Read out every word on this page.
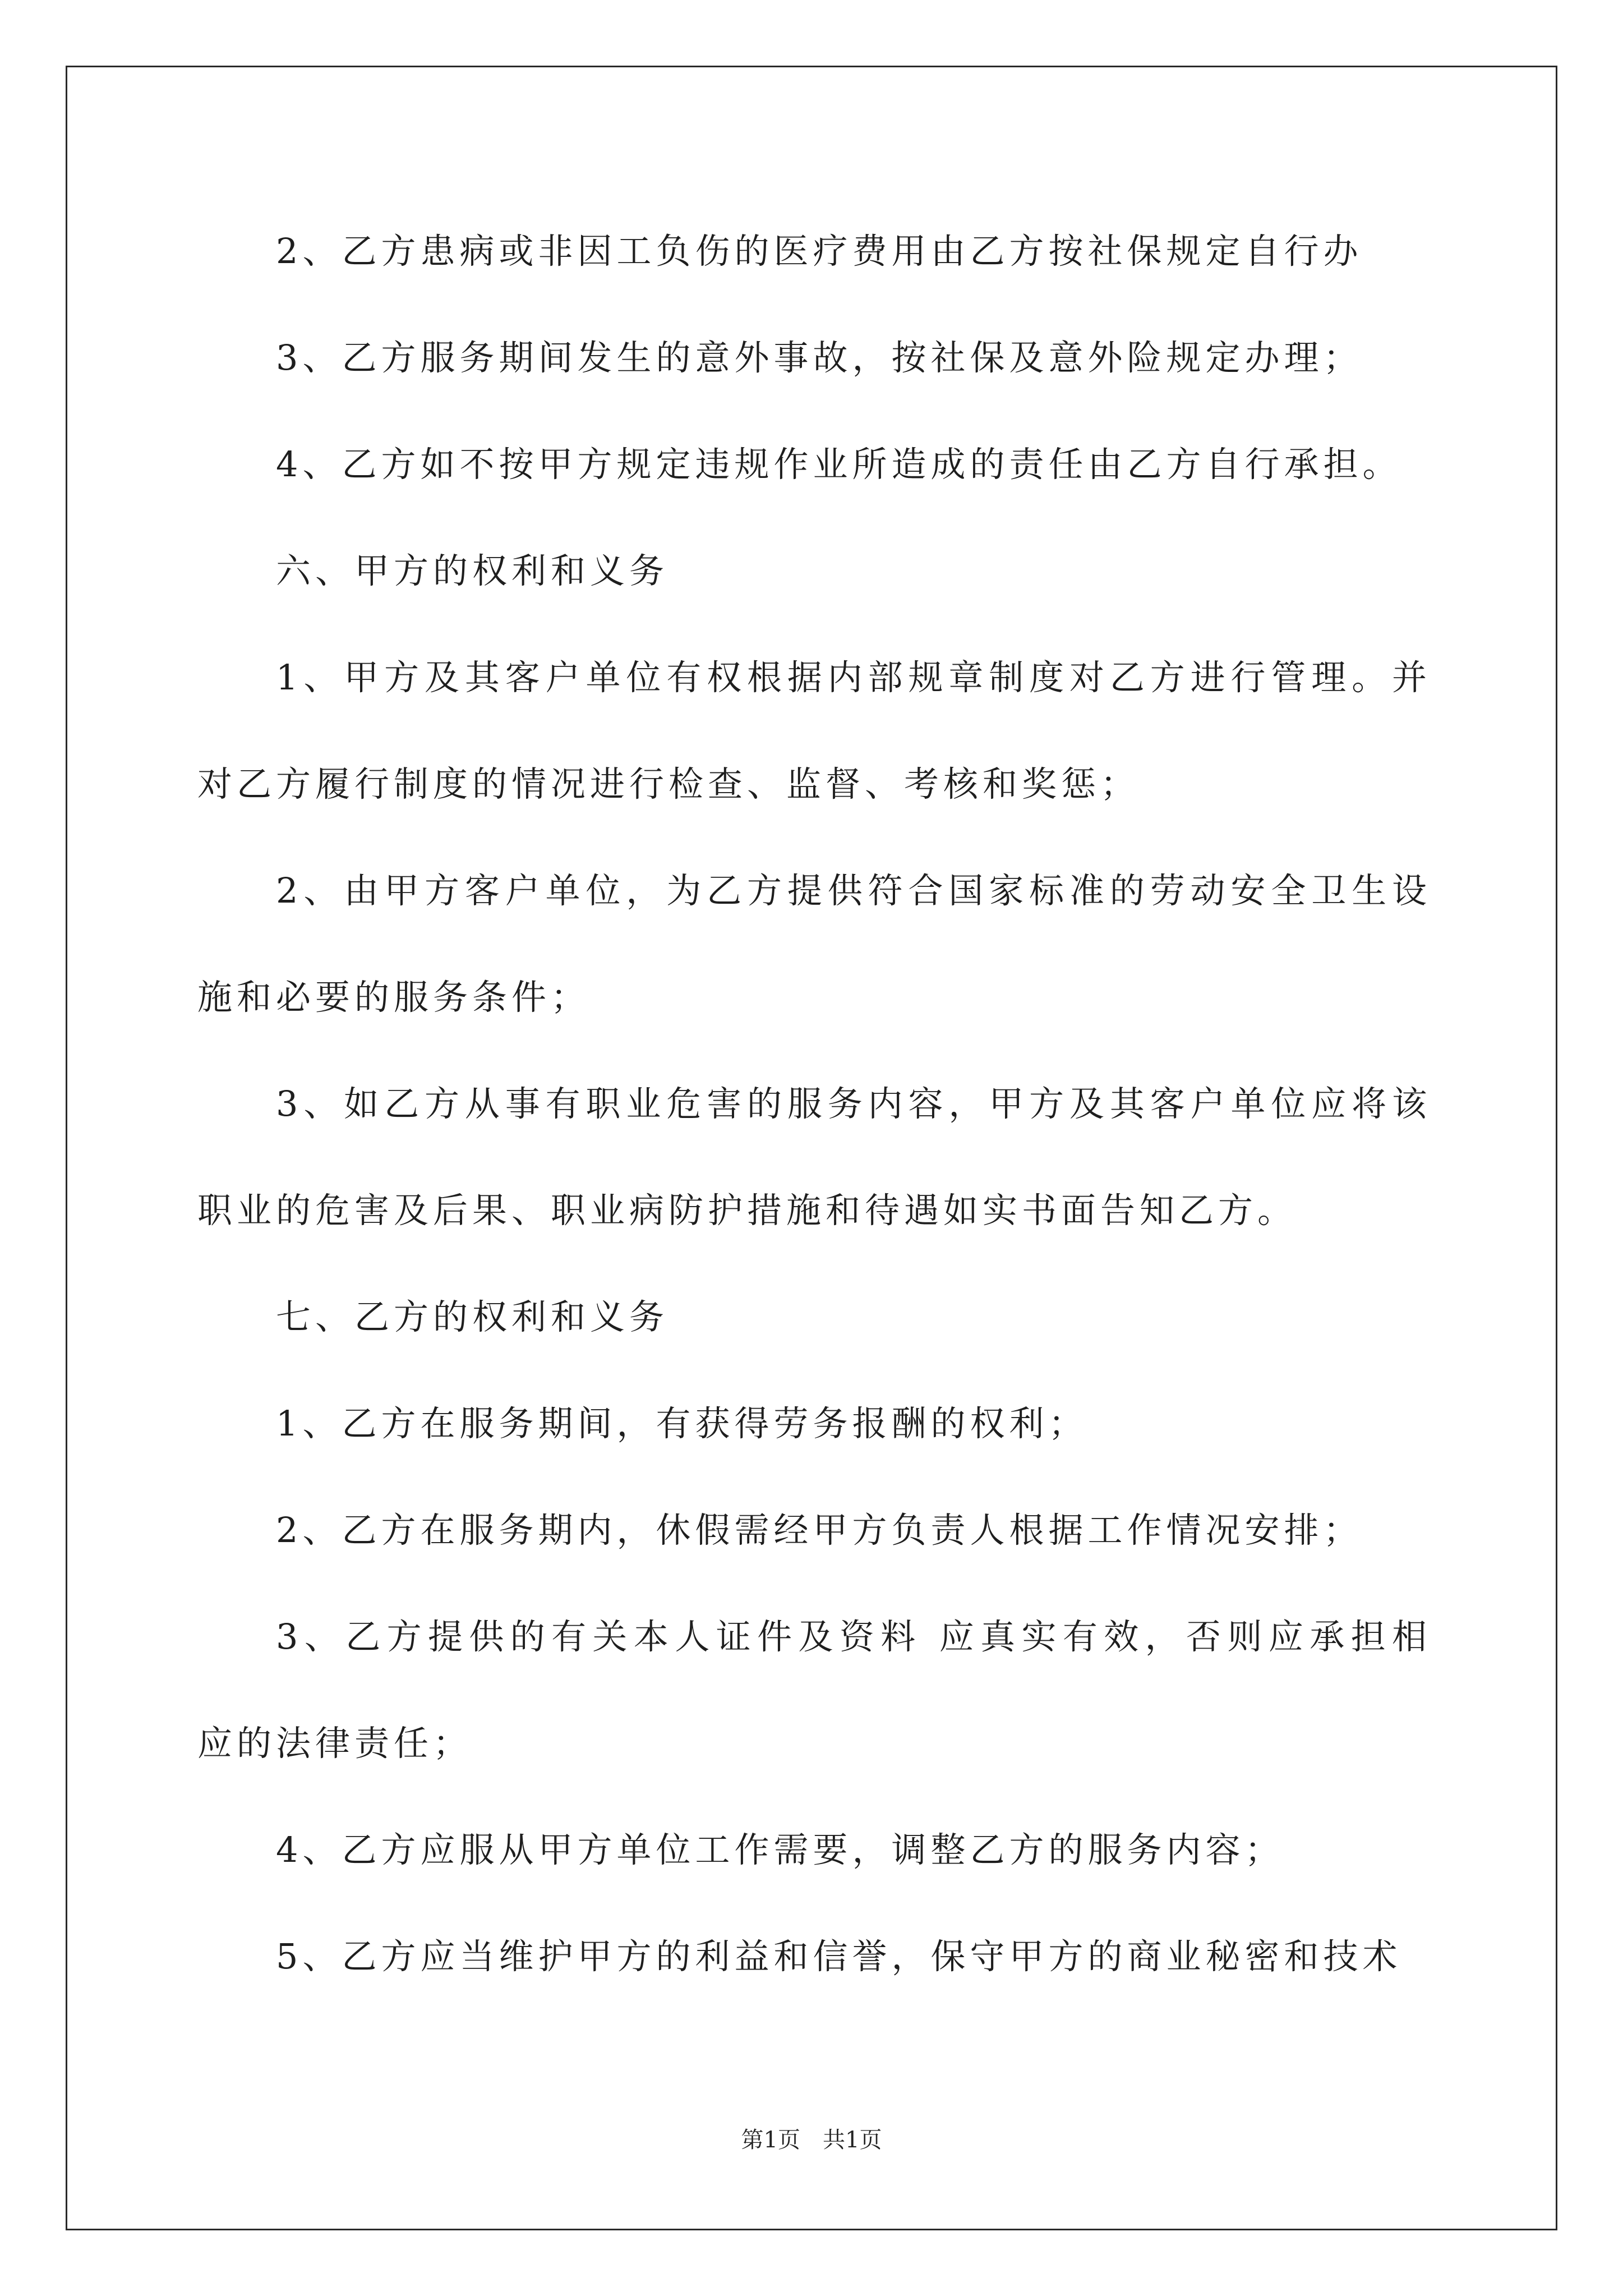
2、乙方患病或非因工负伤的医疗费用由乙方按社保规定自行办
3、乙方服务期间发生的意外事故，按社保及意外险规定办理；
4、乙方如不按甲方规定违规作业所造成的责任由乙方自行承担。
六、甲方的权利和义务
1、甲方及其客户单位有权根据内部规章制度对乙方进行管理。并
对乙方履行制度的情况进行检查、监督、考核和奖惩；
2、由甲方客户单位，为乙方提供符合国家标准的劳动安全卫生设
施和必要的服务条件；
3、如乙方从事有职业危害的服务内容，甲方及其客户单位应将该
职业的危害及后果、职业病防护措施和待遇如实书面告知乙方。
七、乙方的权利和义务
1、乙方在服务期间，有获得劳务报酬的权利；
2、乙方在服务期内，休假需经甲方负责人根据工作情况安排；
3、乙方提供的有关本人证件及资料 应真实有效，否则应承担相
应的法律责任；
4、乙方应服从甲方单位工作需要，调整乙方的服务内容；
5、乙方应当维护甲方的利益和信誉，保守甲方的商业秘密和技术
第1页　共1页
